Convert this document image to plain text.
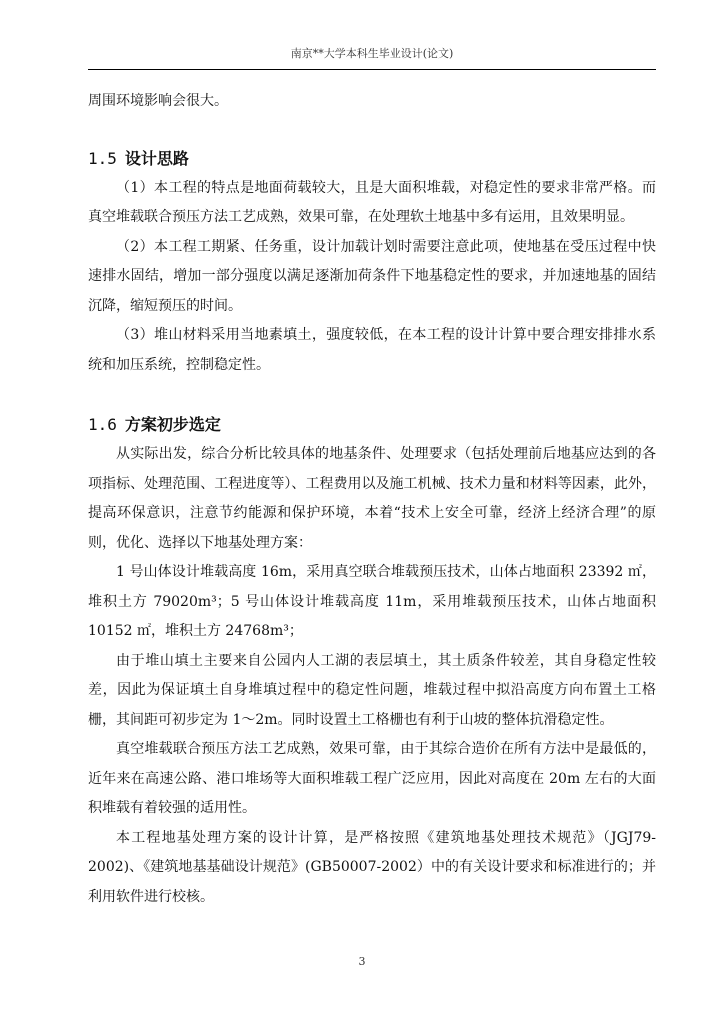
南京**大学本科生毕业设计(论文)

周围环境影响会很大。

1.5 设计思路

（1）本工程的特点是地面荷载较大，且是大面积堆载，对稳定性的要求非常严格。而真空堆载联合预压方法工艺成熟，效果可靠，在处理软土地基中多有运用，且效果明显。

（2）本工程工期紧、任务重，设计加载计划时需要注意此项，使地基在受压过程中快速排水固结，增加一部分强度以满足逐渐加荷条件下地基稳定性的要求，并加速地基的固结沉降，缩短预压的时间。

（3）堆山材料采用当地素填土，强度较低，在本工程的设计计算中要合理安排排水系统和加压系统，控制稳定性。

1.6 方案初步选定

从实际出发，综合分析比较具体的地基条件、处理要求（包括处理前后地基应达到的各项指标、处理范围、工程进度等）、工程费用以及施工机械、技术力量和材料等因素，此外，提高环保意识，注意节约能源和保护环境，本着“技术上安全可靠，经济上经济合理”的原则，优化、选择以下地基处理方案：

1 号山体设计堆载高度 16m，采用真空联合堆载预压技术，山体占地面积 23392 ㎡，堆积土方 79020m³；5 号山体设计堆载高度 11m，采用堆载预压技术，山体占地面积 10152 ㎡，堆积土方 24768m³；

由于堆山填土主要来自公园内人工湖的表层填土，其土质条件较差，其自身稳定性较差，因此为保证填土自身堆填过程中的稳定性问题，堆载过程中拟沿高度方向布置土工格栅，其间距可初步定为 1～2m。同时设置土工格栅也有利于山坡的整体抗滑稳定性。

真空堆载联合预压方法工艺成熟，效果可靠，由于其综合造价在所有方法中是最低的，近年来在高速公路、港口堆场等大面积堆载工程广泛应用，因此对高度在 20m 左右的大面积堆载有着较强的适用性。

本工程地基处理方案的设计计算，是严格按照《建筑地基处理技术规范》（JGJ79-2002)、《建筑地基基础设计规范》(GB50007-2002）中的有关设计要求和标准进行的；并利用软件进行校核。

3
